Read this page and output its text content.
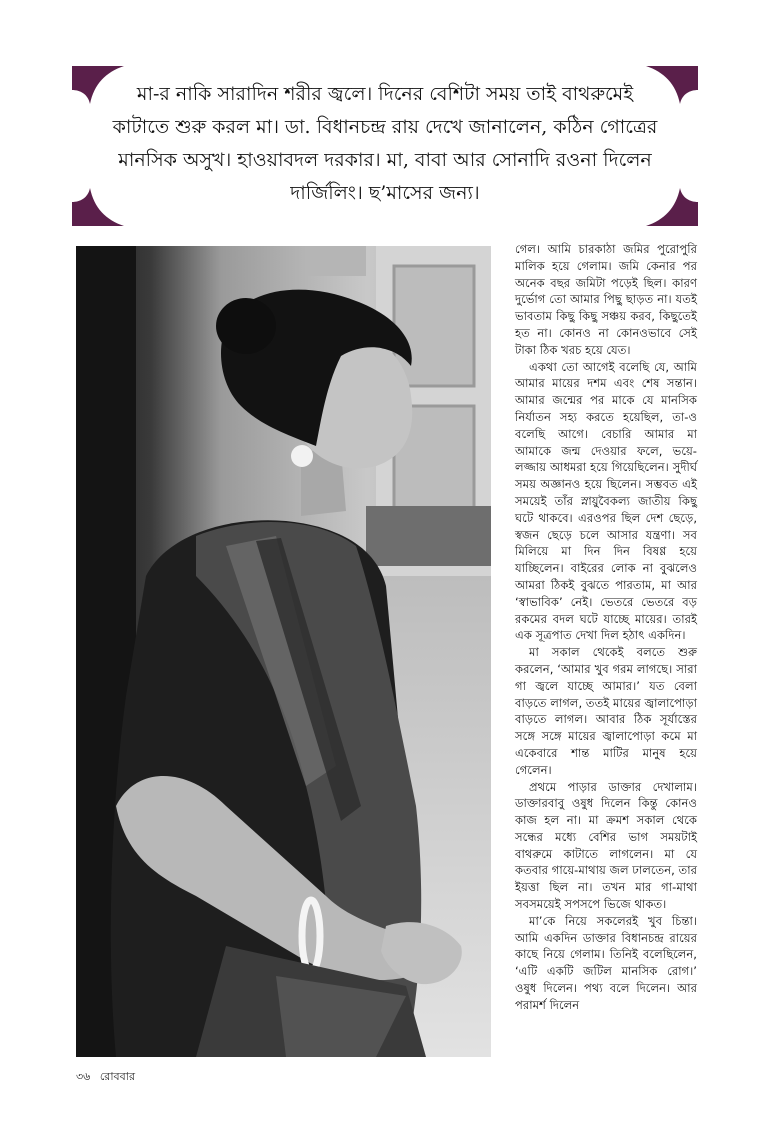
মা-র নাকি সারাদিন শরীর জ্বলে। দিনের বেশিটা সময় তাই বাথরুমেই কাটাতে শুরু করল মা। ডা. বিধানচন্দ্র রায় দেখে জানালেন, কঠিন গোত্রের মানসিক অসুখ। হাওয়াবদল দরকার। মা, বাবা আর সোনাদি রওনা দিলেন দার্জিলিং। ছ’মাসের জন্য।

গেল। আমি চারকাঠা জমির পুরোপুরি মালিক হয়ে গেলাম। জমি কেনার পর অনেক বছর জমিটা পড়েই ছিল। কারণ দুর্ভোগ তো আমার পিছু ছাড়ত না। যতই ভাবতাম কিছু কিছু সঞ্চয় করব, কিছুতেই হত না। কোনও না কোনওভাবে সেই টাকা ঠিক খরচ হয়ে যেত।

একথা তো আগেই বলেছি যে, আমি আমার মায়ের দশম এবং শেষ সন্তান। আমার জন্মের পর মাকে যে মানসিক নির্যাতন সহ্য করতে হয়েছিল, তা-ও বলেছি আগে। বেচারি আমার মা আমাকে জন্ম দেওয়ার ফলে, ভয়ে-লজ্জায় আধমরা হয়ে গিয়েছিলেন। সুদীর্ঘ সময় অজ্ঞানও হয়ে ছিলেন। সম্ভবত এই সময়েই তাঁর স্নায়ুবৈকল্য জাতীয় কিছু ঘটে থাকবে। এরওপর ছিল দেশ ছেড়ে, স্বজন ছেড়ে চলে আসার যন্ত্রণা। সব মিলিয়ে মা দিন দিন বিষণ্ণ হয়ে যাচ্ছিলেন। বাইরের লোক না বুঝলেও আমরা ঠিকই বুঝতে পারতাম, মা আর ‘স্বাভাবিক’ নেই। ভেতরে ভেতরে বড় রকমের বদল ঘটে যাচ্ছে মায়ের। তারই এক সূত্রপাত দেখা দিল হঠাৎ একদিন।

মা সকাল থেকেই বলতে শুরু করলেন, ‘আমার খুব গরম লাগছে। সারা গা জ্বলে যাচ্ছে আমার।’ যত বেলা বাড়তে লাগল, ততই মায়ের জ্বালাপোড়া বাড়তে লাগল। আবার ঠিক সূর্যাস্তের সঙ্গে সঙ্গে মায়ের জ্বালাপোড়া কমে মা একেবারে শান্ত মাটির মানুষ হয়ে গেলেন।

প্রথমে পাড়ার ডাক্তার দেখালাম। ডাক্তারবাবু ওষুধ দিলেন কিন্তু কোনও কাজ হল না। মা ক্রমশ সকাল থেকে সন্ধের মধ্যে বেশির ভাগ সময়টাই বাথরুমে কাটাতে লাগলেন। মা যে কতবার গায়ে-মাথায় জল ঢালতেন, তার ইয়ত্তা ছিল না। তখন মার গা-মাথা সবসময়েই সপসপে ভিজে থাকত।

মা’কে নিয়ে সকলেরই খুব চিন্তা। আমি একদিন ডাক্তার বিধানচন্দ্র রায়ের কাছে নিয়ে গেলাম। তিনিই বলেছিলেন, ‘এটি একটি জটিল মানসিক রোগ।’ ওষুধ দিলেন। পথ্য বলে দিলেন। আর পরামর্শ দিলেন

৩৬ রোববার
